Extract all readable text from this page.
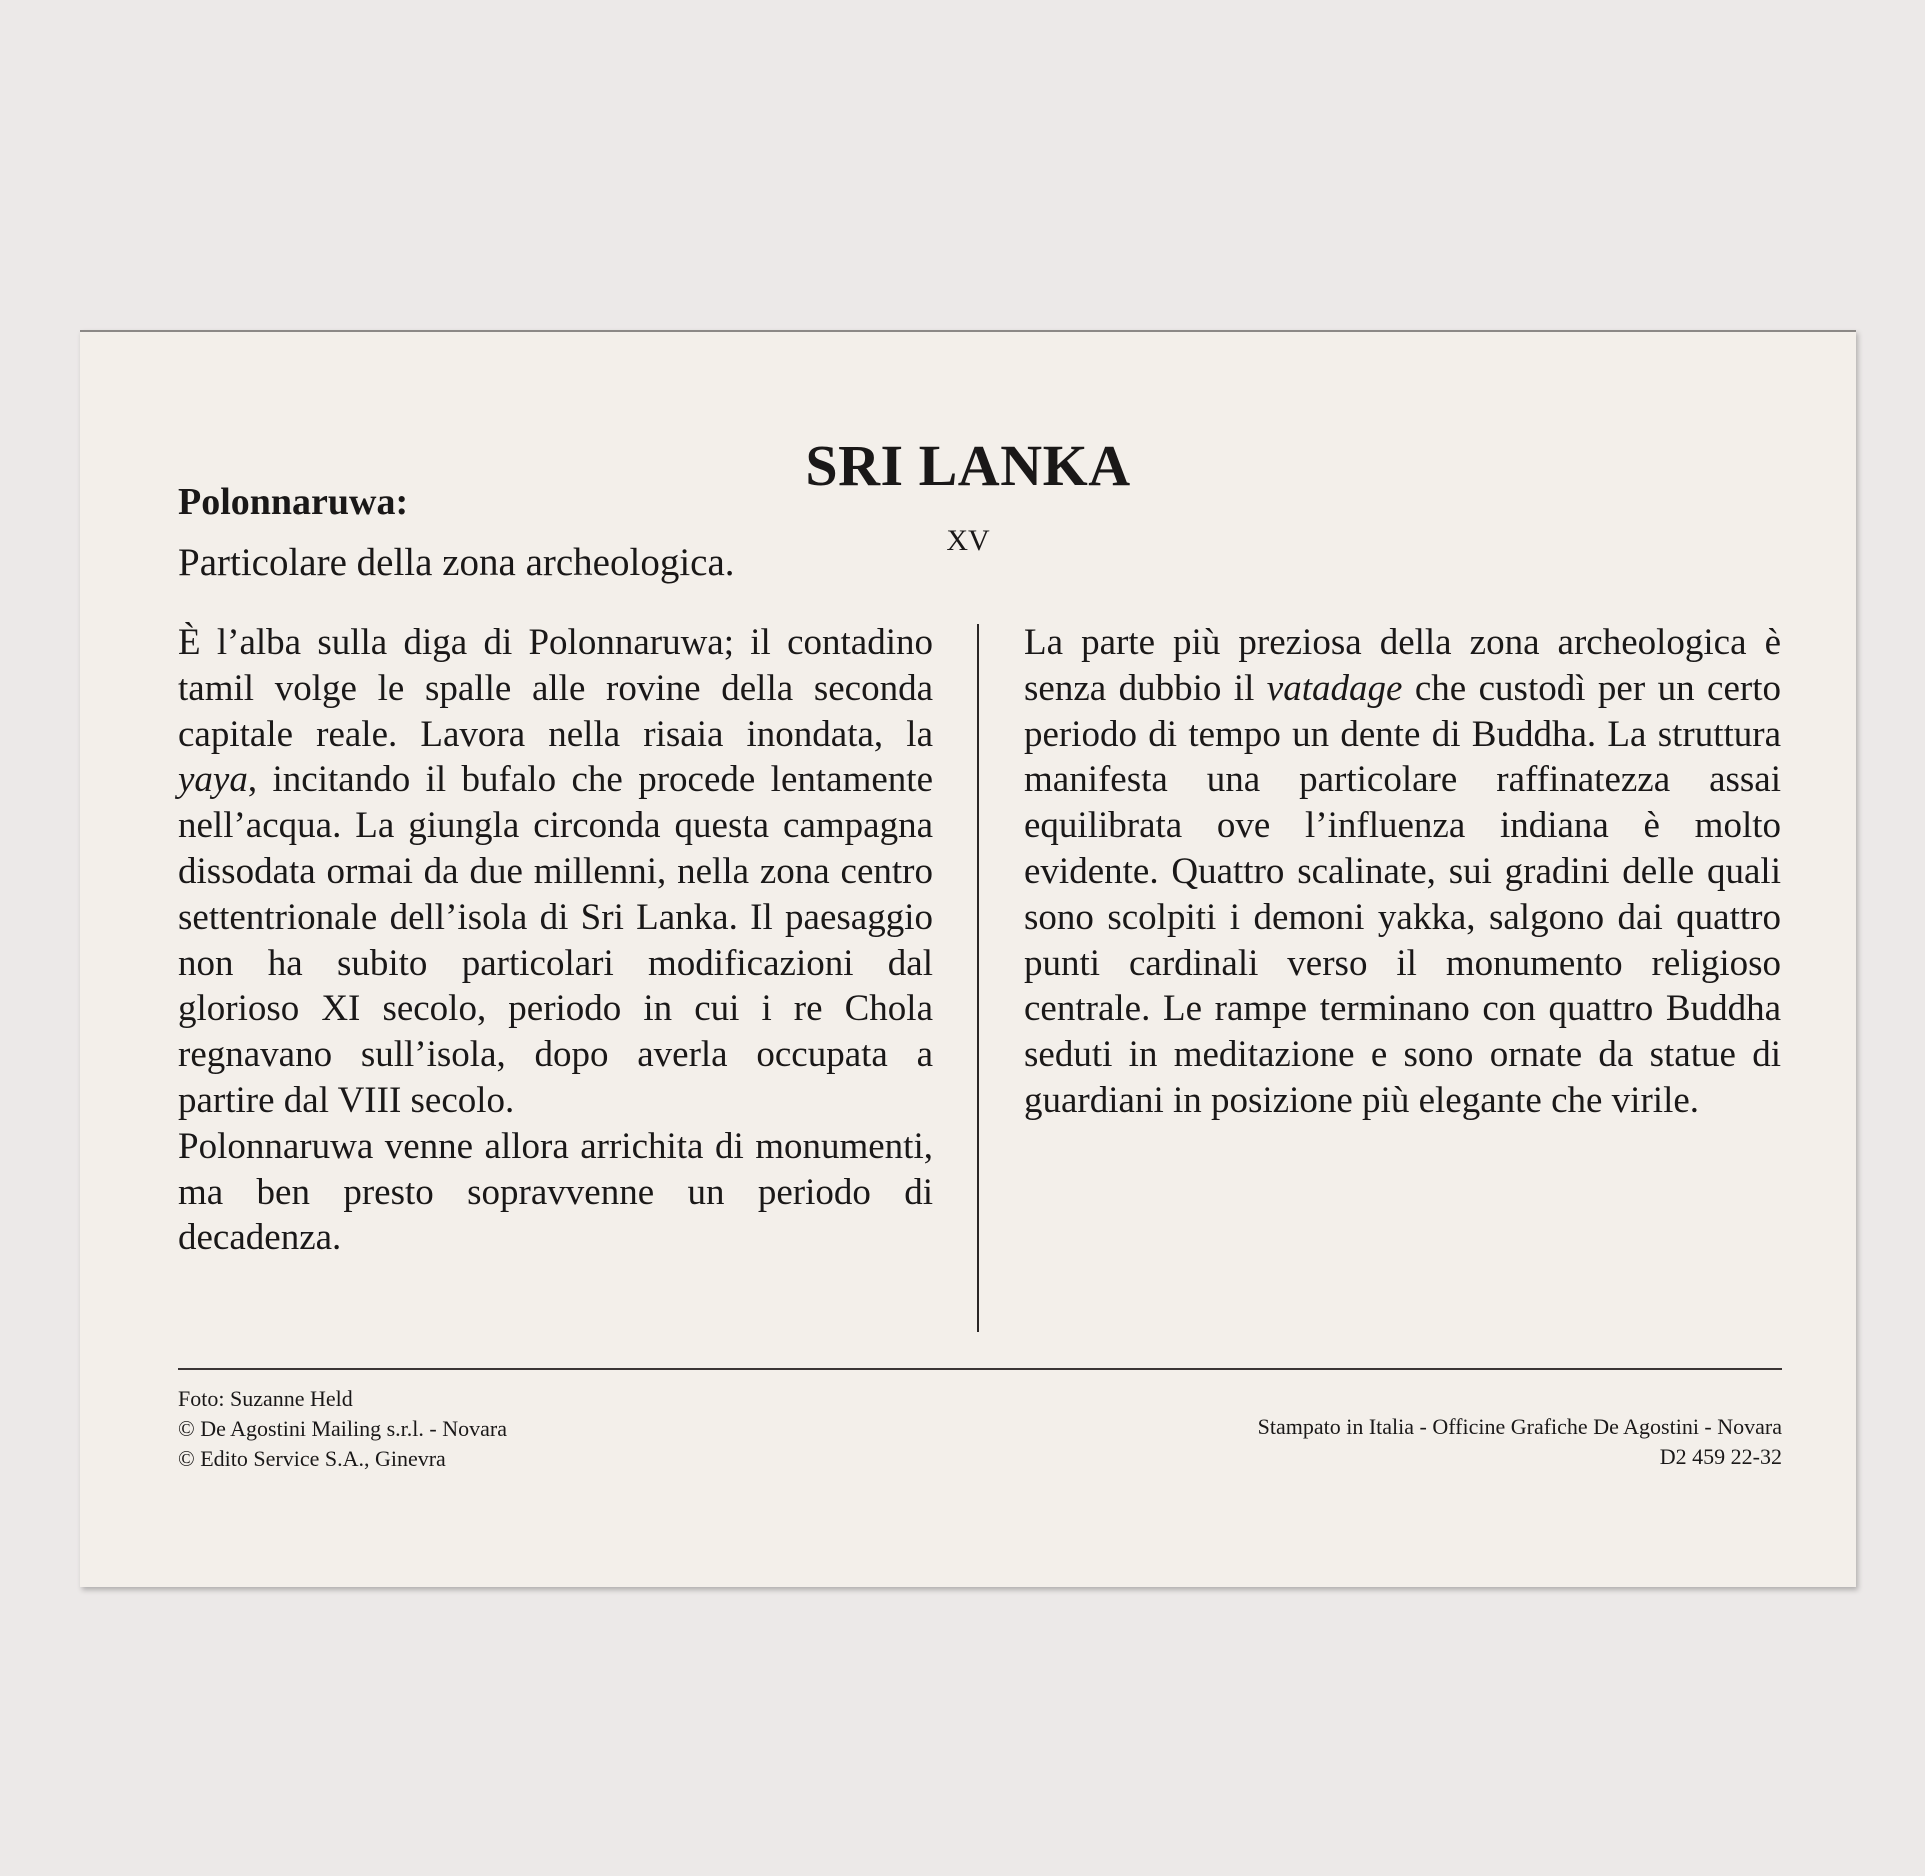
SRI LANKA
XV
Polonnaruwa:
Particolare della zona archeologica.

È l’alba sulla diga di Polonnaruwa; il contadino tamil volge le spalle alle rovine della seconda capitale reale. Lavora nella risaia inondata, la yaya, incitando il bufalo che procede lentamente nell’acqua. La giungla circonda questa campagna dissodata ormai da due millenni, nella zona centro settentrionale dell’isola di Sri Lanka. Il paesaggio non ha subito particolari modificazioni dal glorioso XI secolo, periodo in cui i re Chola regnavano sull’isola, dopo averla occupata a partire dal VIII secolo.

Polonnaruwa venne allora arrichita di monumenti, ma ben presto sopravvenne un periodo di decadenza.

La parte più preziosa della zona archeologica è senza dubbio il vatadage che custodì per un certo periodo di tempo un dente di Buddha. La struttura manifesta una particolare raffinatezza assai equilibrata ove l’influenza indiana è molto evidente. Quattro scalinate, sui gradini delle quali sono scolpiti i demoni yakka, salgono dai quattro punti cardinali verso il monumento religioso centrale. Le rampe terminano con quattro Buddha seduti in meditazione e sono ornate da statue di guardiani in posizione più elegante che virile.

Foto: Suzanne Held
© De Agostini Mailing s.r.l. - Novara
© Edito Service S.A., Ginevra
Stampato in Italia - Officine Grafiche De Agostini - Novara
D2 459 22-32
